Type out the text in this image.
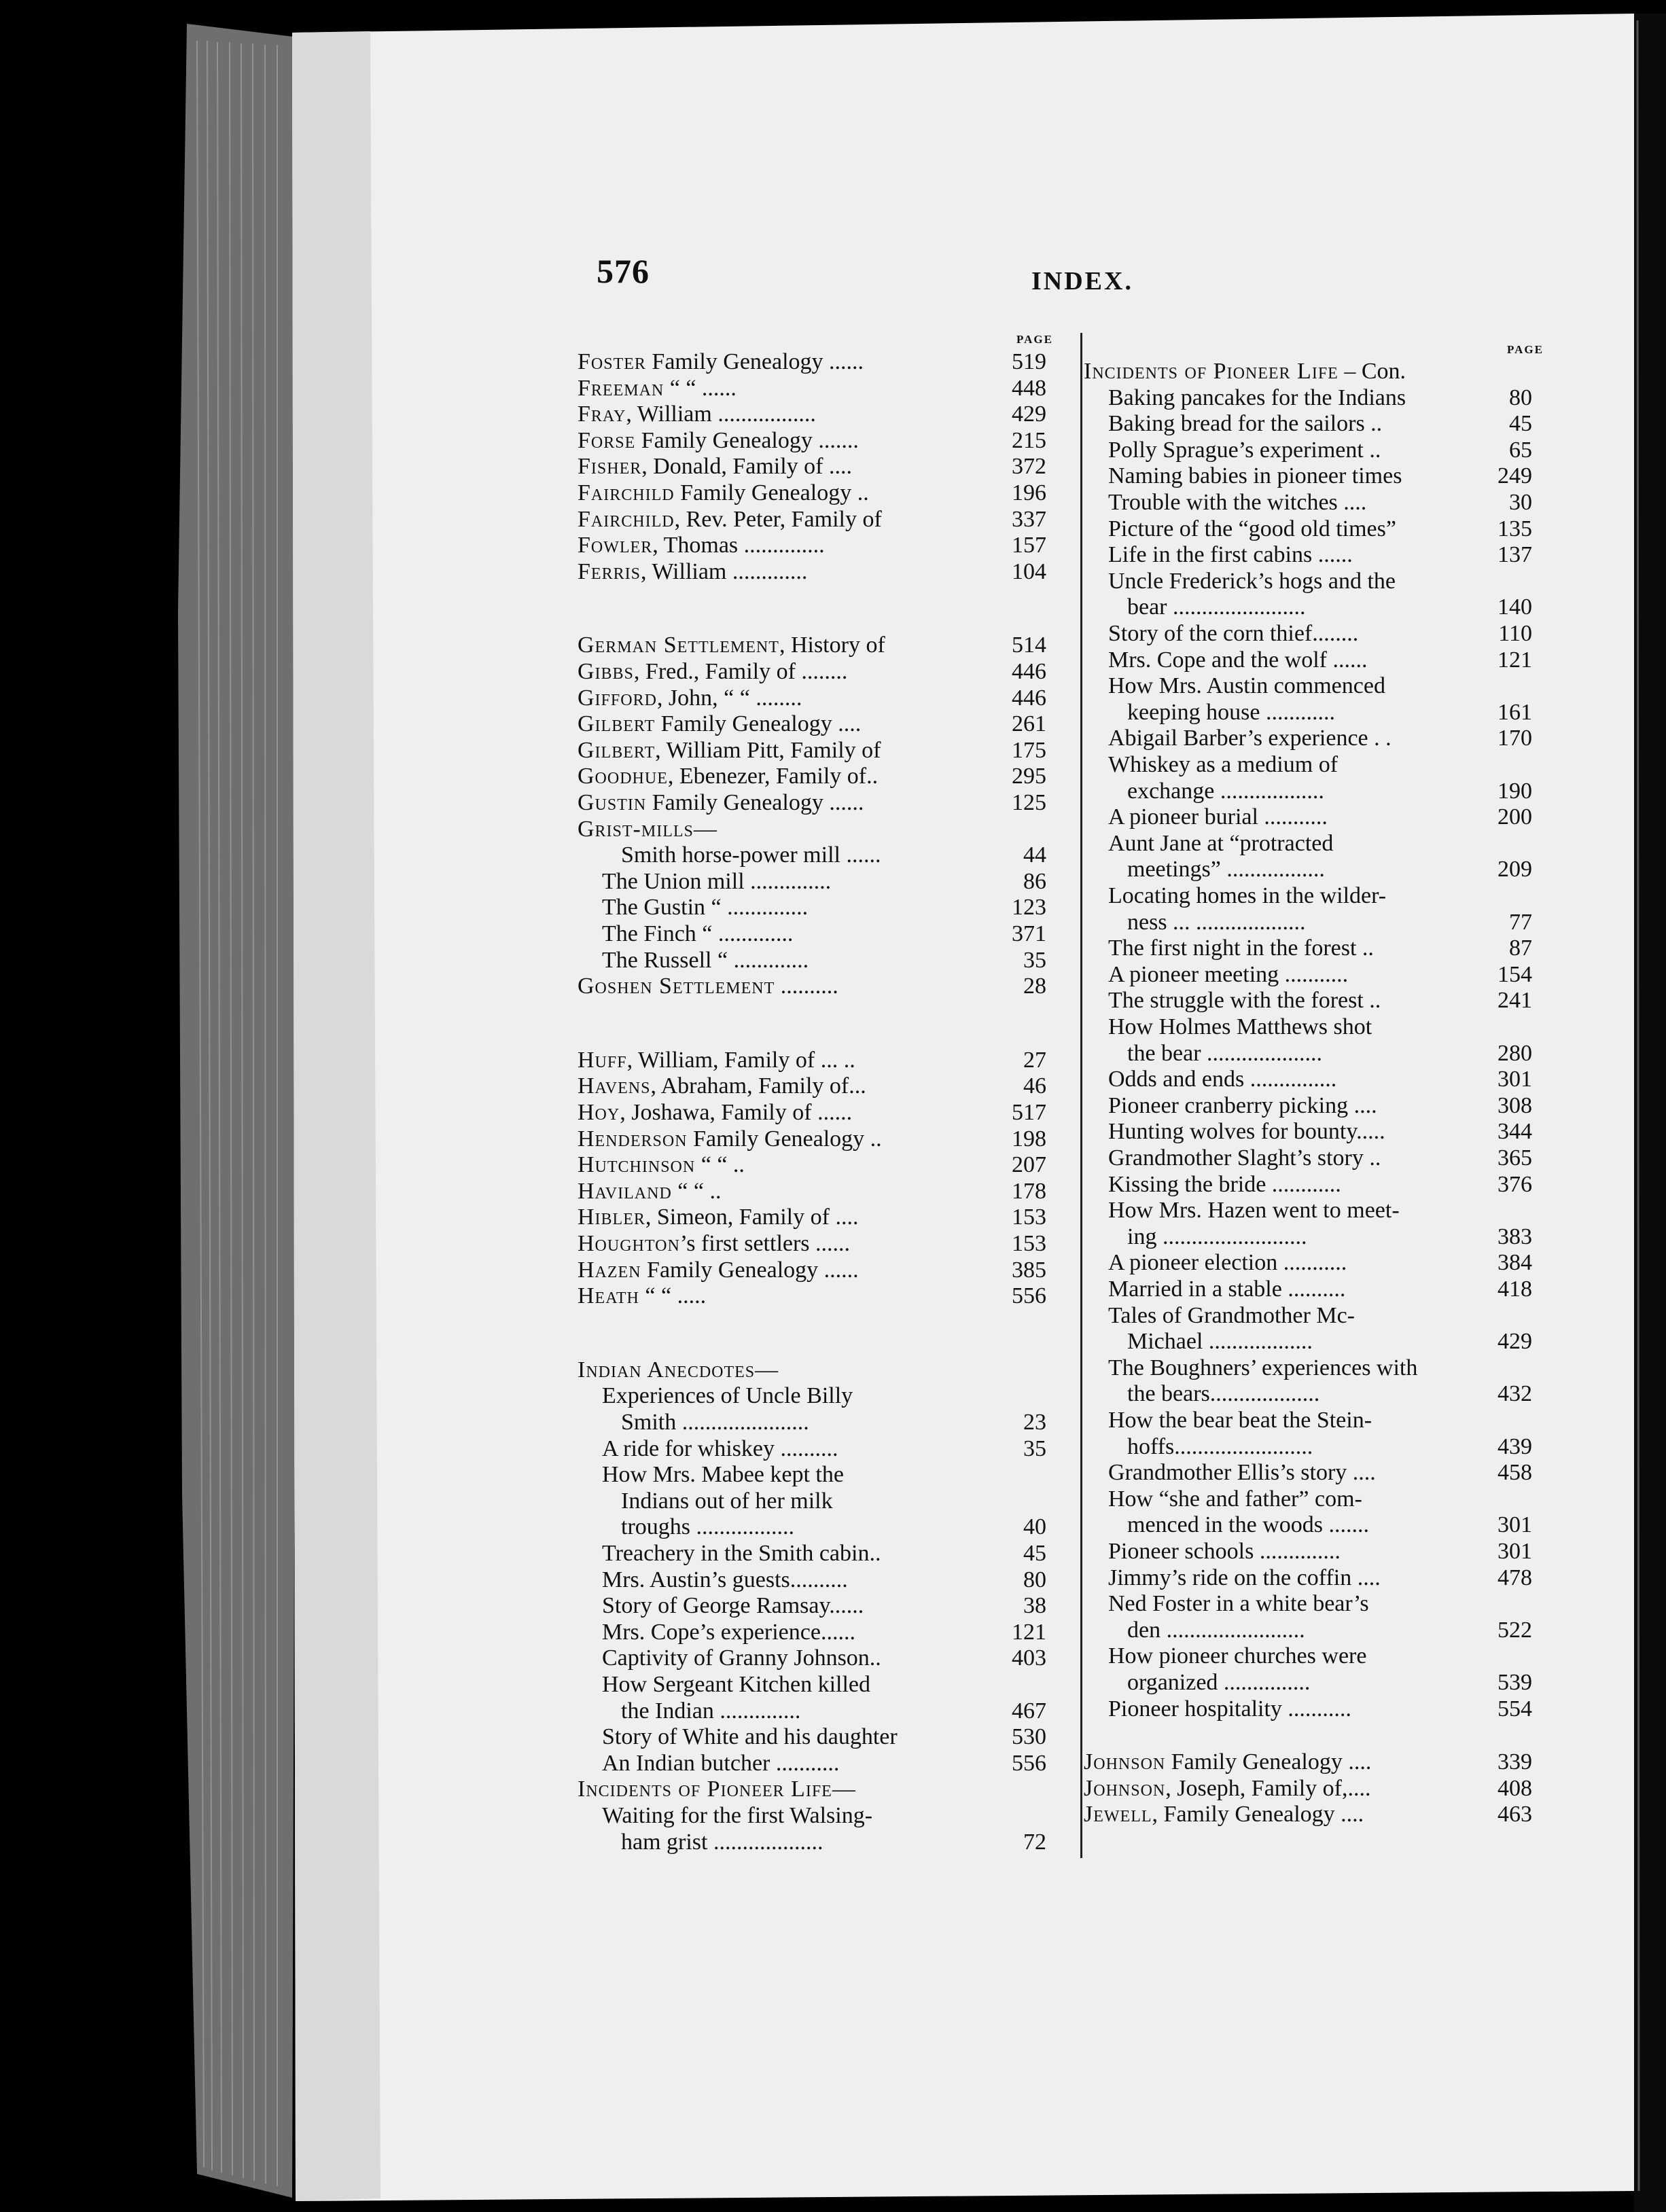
576	INDEX.
PAGE
PAGE
Foster Family Genealogy ......	519
Freeman “ “ ......	448
Fray, William .................	429
Forse Family Genealogy .......	215
Fisher, Donald, Family of ....	372
Fairchild Family Genealogy ..	196
Fairchild, Rev. Peter, Family of	337
Fowler, Thomas ..............	157
Ferris, William .............	104
German Settlement, History of	514
Gibbs, Fred., Family of ........	446
Gifford, John, “ “ ........	446
Gilbert Family Genealogy ....	261
Gilbert, William Pitt, Family of	175
Goodhue, Ebenezer, Family of..	295
Gustin Family Genealogy ......	125
Grist-mills—
Smith horse-power mill ......	44
The Union mill ..............	86
The Gustin “ ..............	123
The Finch “ .............	371
The Russell “ .............	35
Goshen Settlement ..........	28
Huff, William, Family of ... ..	27
Havens, Abraham, Family of...	46
Hoy, Joshawa, Family of ......	517
Henderson Family Genealogy ..	198
Hutchinson “ “ ..	207
Haviland “ “ ..	178
Hibler, Simeon, Family of ....	153
Houghton’s first settlers ......	153
Hazen Family Genealogy ......	385
Heath “ “ .....	556
Indian Anecdotes—
Experiences of Uncle Billy
Smith ......................	23
A ride for whiskey ..........	35
How Mrs. Mabee kept the
Indians out of her milk
troughs .................	40
Treachery in the Smith cabin..	45
Mrs. Austin’s guests..........	80
Story of George Ramsay......	38
Mrs. Cope’s experience......	121
Captivity of Granny Johnson..	403
How Sergeant Kitchen killed
the Indian ..............	467
Story of White and his daughter	530
An Indian butcher ...........	556
Incidents of Pioneer Life—
Waiting for the first Walsing-
ham grist ...................	72
Incidents of Pioneer Life – Con.
Baking pancakes for the Indians	80
Baking bread for the sailors ..	45
Polly Sprague’s experiment ..	65
Naming babies in pioneer times	249
Trouble with the witches ....	30
Picture of the “good old times”	135
Life in the first cabins ......	137
Uncle Frederick’s hogs and the
bear .......................	140
Story of the corn thief........	110
Mrs. Cope and the wolf ......	121
How Mrs. Austin commenced
keeping house ............	161
Abigail Barber’s experience . .	170
Whiskey as a medium of
exchange ..................	190
A pioneer burial ...........	200
Aunt Jane at “protracted
meetings” .................	209
Locating homes in the wilder-
ness ... ...................	77
The first night in the forest ..	87
A pioneer meeting ...........	154
The struggle with the forest ..	241
How Holmes Matthews shot
the bear ....................	280
Odds and ends ...............	301
Pioneer cranberry picking ....	308
Hunting wolves for bounty.....	344
Grandmother Slaght’s story ..	365
Kissing the bride ............	376
How Mrs. Hazen went to meet-
ing .........................	383
A pioneer election ...........	384
Married in a stable ..........	418
Tales of Grandmother Mc-
Michael ..................	429
The Boughners’ experiences with
the bears...................	432
How the bear beat the Stein-
hoffs........................	439
Grandmother Ellis’s story ....	458
How “she and father” com-
menced in the woods .......	301
Pioneer schools ..............	301
Jimmy’s ride on the coffin ....	478
Ned Foster in a white bear’s
den ........................	522
How pioneer churches were
organized ...............	539
Pioneer hospitality ...........	554
Johnson Family Genealogy ....	339
Johnson, Joseph, Family of,....	408
Jewell, Family Genealogy ....	463
